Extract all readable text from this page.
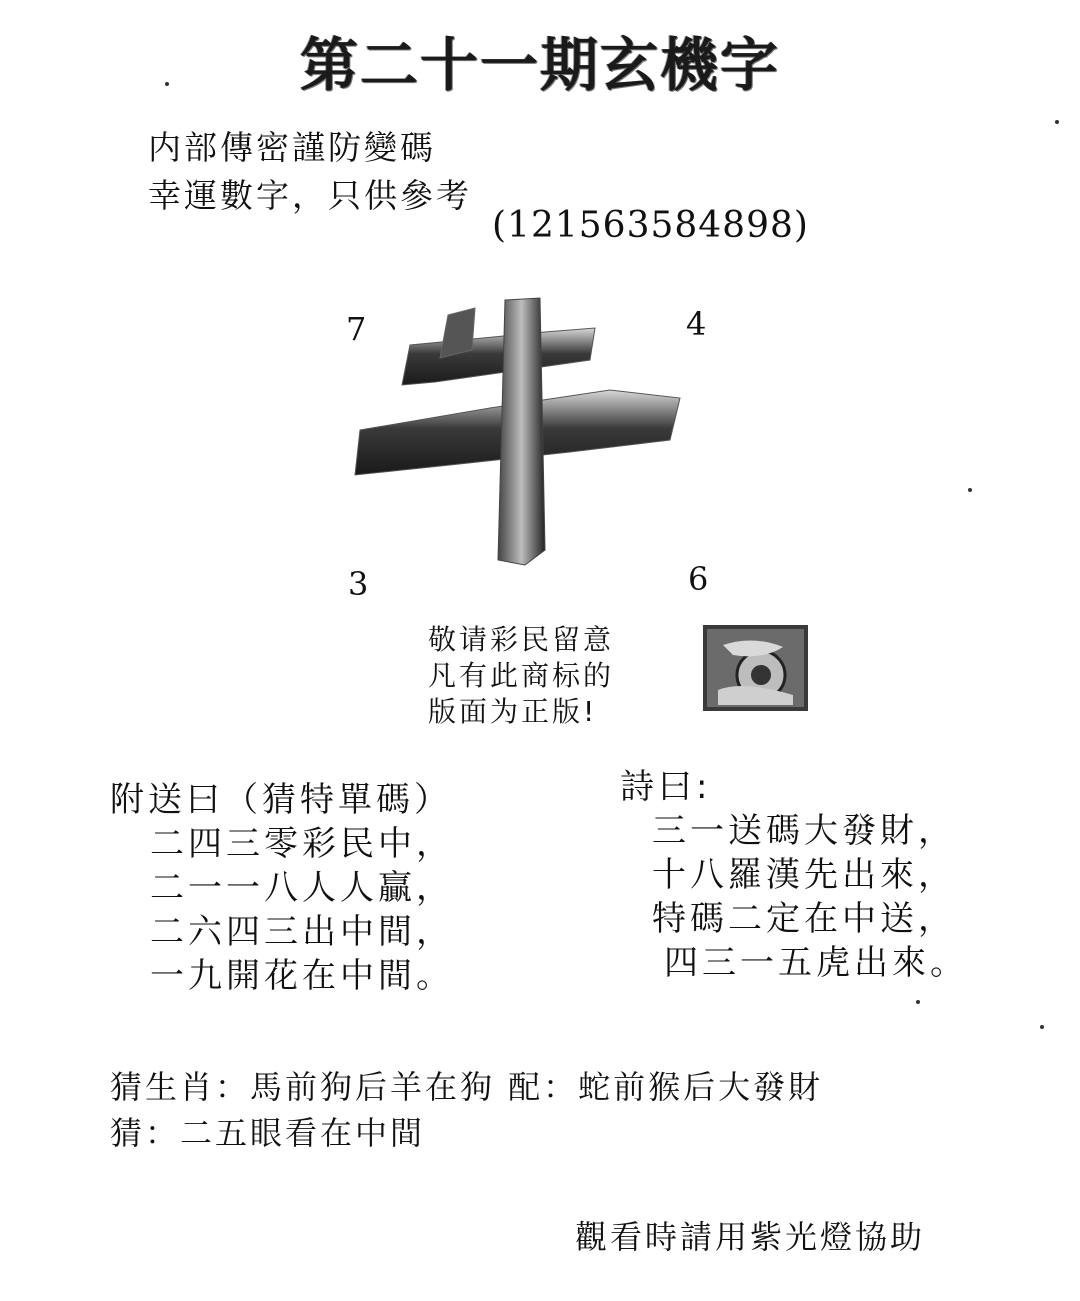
第二十一期玄機字
内部傳密謹防變碼
幸運數字，只供參考
(121563584898)
7	4
3	6
敬请彩民留意
凡有此商标的
版面为正版!
附送曰（猜特單碼）
二四三零彩民中，
二一一八人人贏，
二六四三出中間，
一九開花在中間。
詩曰:
三一送碼大發財，
十八羅漢先出來，
特碼二定在中送，
四三一五虎出來。
猜生肖：馬前狗后羊在狗 配：蛇前猴后大發財
猜：二五眼看在中間
觀看時請用紫光燈協助
